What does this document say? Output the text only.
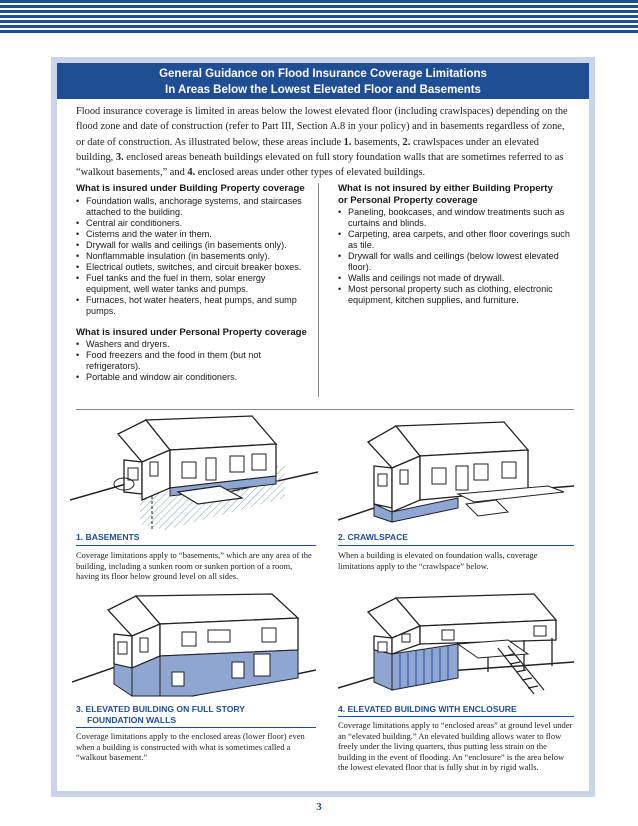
General Guidance on Flood Insurance Coverage Limitations
In Areas Below the Lowest Elevated Floor and Basements
Flood insurance coverage is limited in areas below the lowest elevated floor (including crawlspaces) depending on the flood zone and date of construction (refer to Part III, Section A.8 in your policy) and in basements regardless of zone, or date of construction. As illustrated below, these areas include 1. basements, 2. crawlspaces under an elevated building, 3. enclosed areas beneath buildings elevated on full story foundation walls that are sometimes referred to as “walkout basements,” and 4. enclosed areas under other types of elevated buildings.
What is insured under Building Property coverage
• Foundation walls, anchorage systems, and staircases attached to the building.
• Central air conditioners.
• Cisterns and the water in them.
• Drywall for walls and ceilings (in basements only).
• Nonflammable insulation (in basements only).
• Electrical outlets, switches, and circuit breaker boxes.
• Fuel tanks and the fuel in them, solar energy equipment, well water tanks and pumps.
• Furnaces, hot water heaters, heat pumps, and sump pumps.
What is insured under Personal Property coverage
• Washers and dryers.
• Food freezers and the food in them (but not refrigerators).
• Portable and window air conditioners.
What is not insured by either Building Property
or Personal Property coverage
• Paneling, bookcases, and window treatments such as curtains and blinds.
• Carpeting, area carpets, and other floor coverings such as tile.
• Drywall for walls and ceilings (below lowest elevated floor).
• Walls and ceilings not made of drywall.
• Most personal property such as clothing, electronic equipment, kitchen supplies, and furniture.
1. BASEMENTS
Coverage limitations apply to “basements,” which are any area of the building, including a sunken room or sunken portion of a room, having its floor below ground level on all sides.
2. CRAWLSPACE
When a building is elevated on foundation walls, coverage limitations apply to the “crawlspace” below.
3. ELEVATED BUILDING ON FULL STORY
FOUNDATION WALLS
Coverage limitations apply to the enclosed areas (lower floor) even when a building is constructed with what is sometimes called a “walkout basement.”
4. ELEVATED BUILDING WITH ENCLOSURE
Coverage limitations apply to “enclosed areas” at ground level under an “elevated building.” An elevated building allows water to flow freely under the living quarters, thus putting less strain on the building in the event of flooding. An “enclosure” is the area below the lowest elevated floor that is fully shut in by rigid walls.
3
